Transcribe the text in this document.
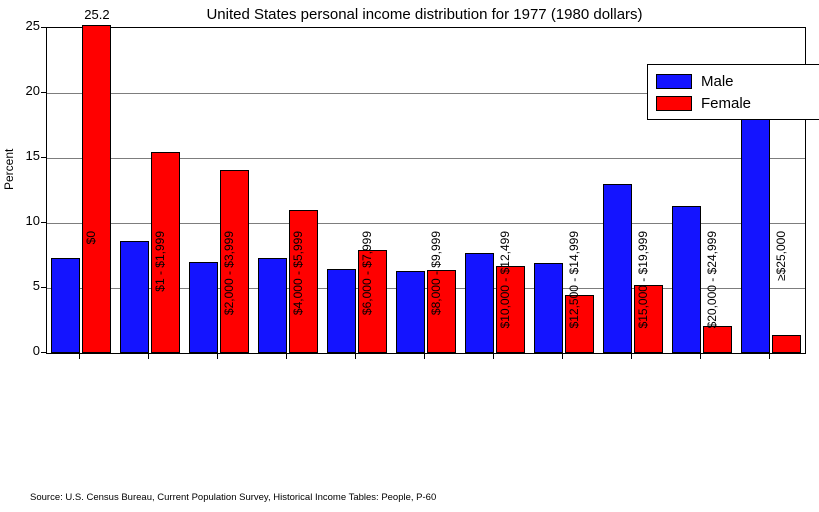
United States personal income distribution for 1977 (1980 dollars)
Percent
0
5
10
15
20
25
25.2
Male
Female
$0	$1 - $1,999	$2,000 - $3,999	$4,000 - $5,999	$6,000 - $7,999	$8,000 - $9,999	$10,000 - $12,499	$12,500 - $14,999	$15,000 - $19,999	$20,000 - $24,999	≥$25,000
Source: U.S. Census Bureau, Current Population Survey, Historical Income Tables: People, P-60
